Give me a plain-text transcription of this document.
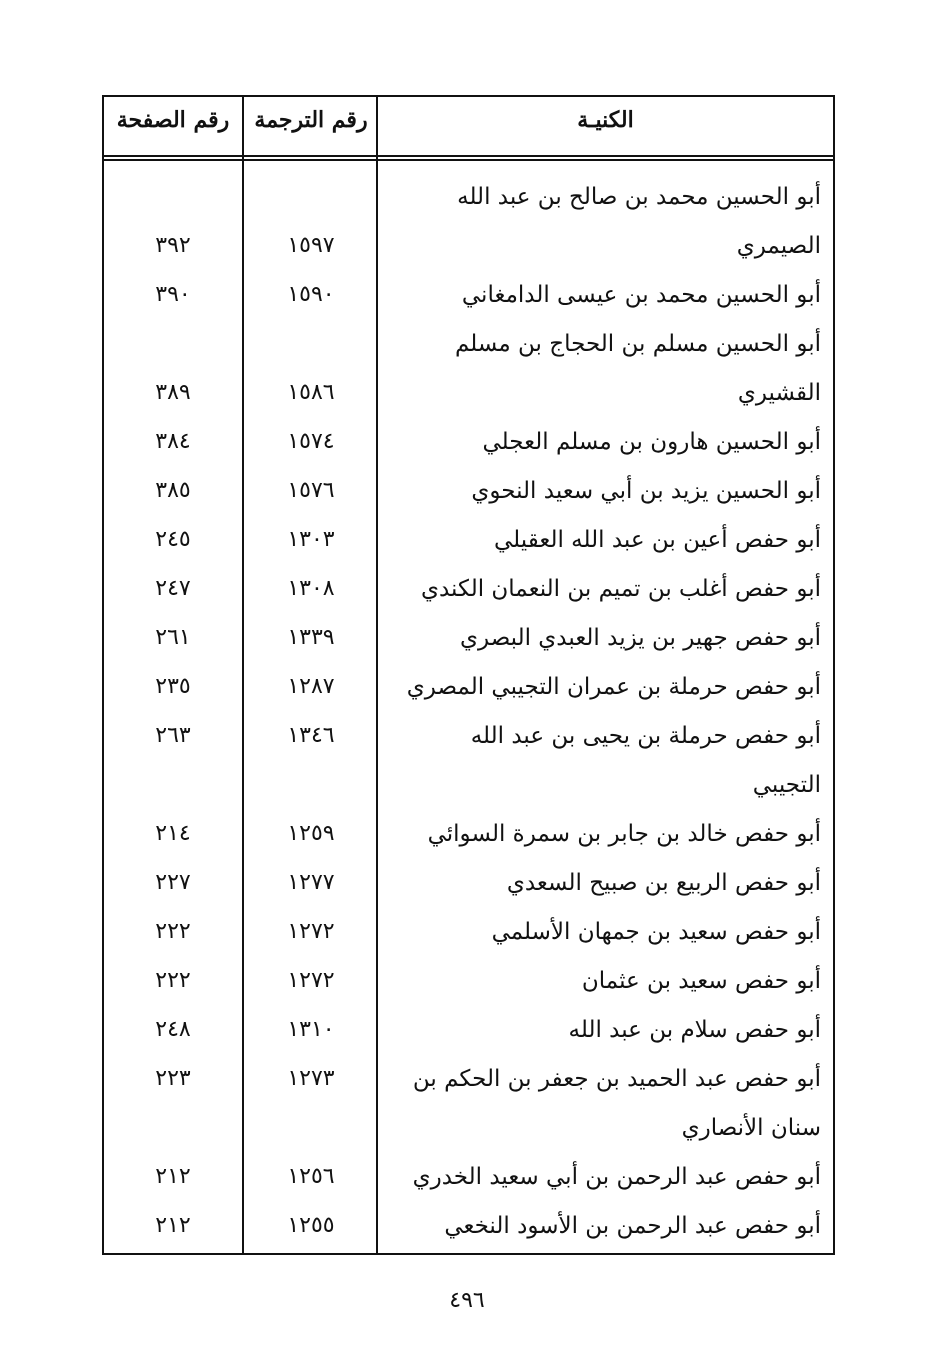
الكنيـة
رقم الترجمة
رقم الصفحة
أبو الحسين محمد بن صالح بن عبد الله
الصيمري
١٥٩٧
٣٩٢
أبو الحسين محمد بن عيسى الدامغاني
١٥٩٠
٣٩٠
أبو الحسين مسلم بن الحجاج بن مسلم
القشيري
١٥٨٦
٣٨٩
أبو الحسين هارون بن مسلم العجلي
١٥٧٤
٣٨٤
أبو الحسين يزيد بن أبي سعيد النحوي
١٥٧٦
٣٨٥
أبو حفص أعين بن عبد الله العقيلي
١٣٠٣
٢٤٥
أبو حفص أغلب بن تميم بن النعمان الكندي
١٣٠٨
٢٤٧
أبو حفص جهير بن يزيد العبدي البصري
١٣٣٩
٢٦١
أبو حفص حرملة بن عمران التجيبي المصري
١٢٨٧
٢٣٥
أبو حفص حرملة بن يحيى بن عبد الله
١٣٤٦
٢٦٣
التجيبي
أبو حفص خالد بن جابر بن سمرة السوائي
١٢٥٩
٢١٤
أبو حفص الربيع بن صبيح السعدي
١٢٧٧
٢٢٧
أبو حفص سعيد بن جمهان الأسلمي
١٢٧٢
٢٢٢
أبو حفص سعيد بن عثمان
١٢٧٢
٢٢٢
أبو حفص سلام بن عبد الله
١٣١٠
٢٤٨
أبو حفص عبد الحميد بن جعفر بن الحكم بن
١٢٧٣
٢٢٣
سنان الأنصاري
أبو حفص عبد الرحمن بن أبي سعيد الخدري
١٢٥٦
٢١٢
أبو حفص عبد الرحمن بن الأسود النخعي
١٢٥٥
٢١٢
٤٩٦
